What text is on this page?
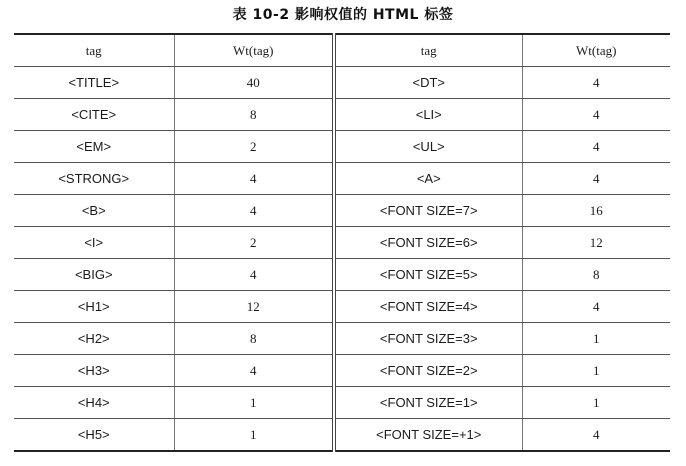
表 10-2 影响权值的 HTML 标签
tag	Wt(tag)	tag	Wt(tag)
<TITLE>	40	<DT>	4
<CITE>	8	<LI>	4
<EM>	2	<UL>	4
<STRONG>	4	<A>	4
<B>	4	<FONT SIZE=7>	16
<I>	2	<FONT SIZE=6>	12
<BIG>	4	<FONT SIZE=5>	8
<H1>	12	<FONT SIZE=4>	4
<H2>	8	<FONT SIZE=3>	1
<H3>	4	<FONT SIZE=2>	1
<H4>	1	<FONT SIZE=1>	1
<H5>	1	<FONT SIZE=+1>	4
